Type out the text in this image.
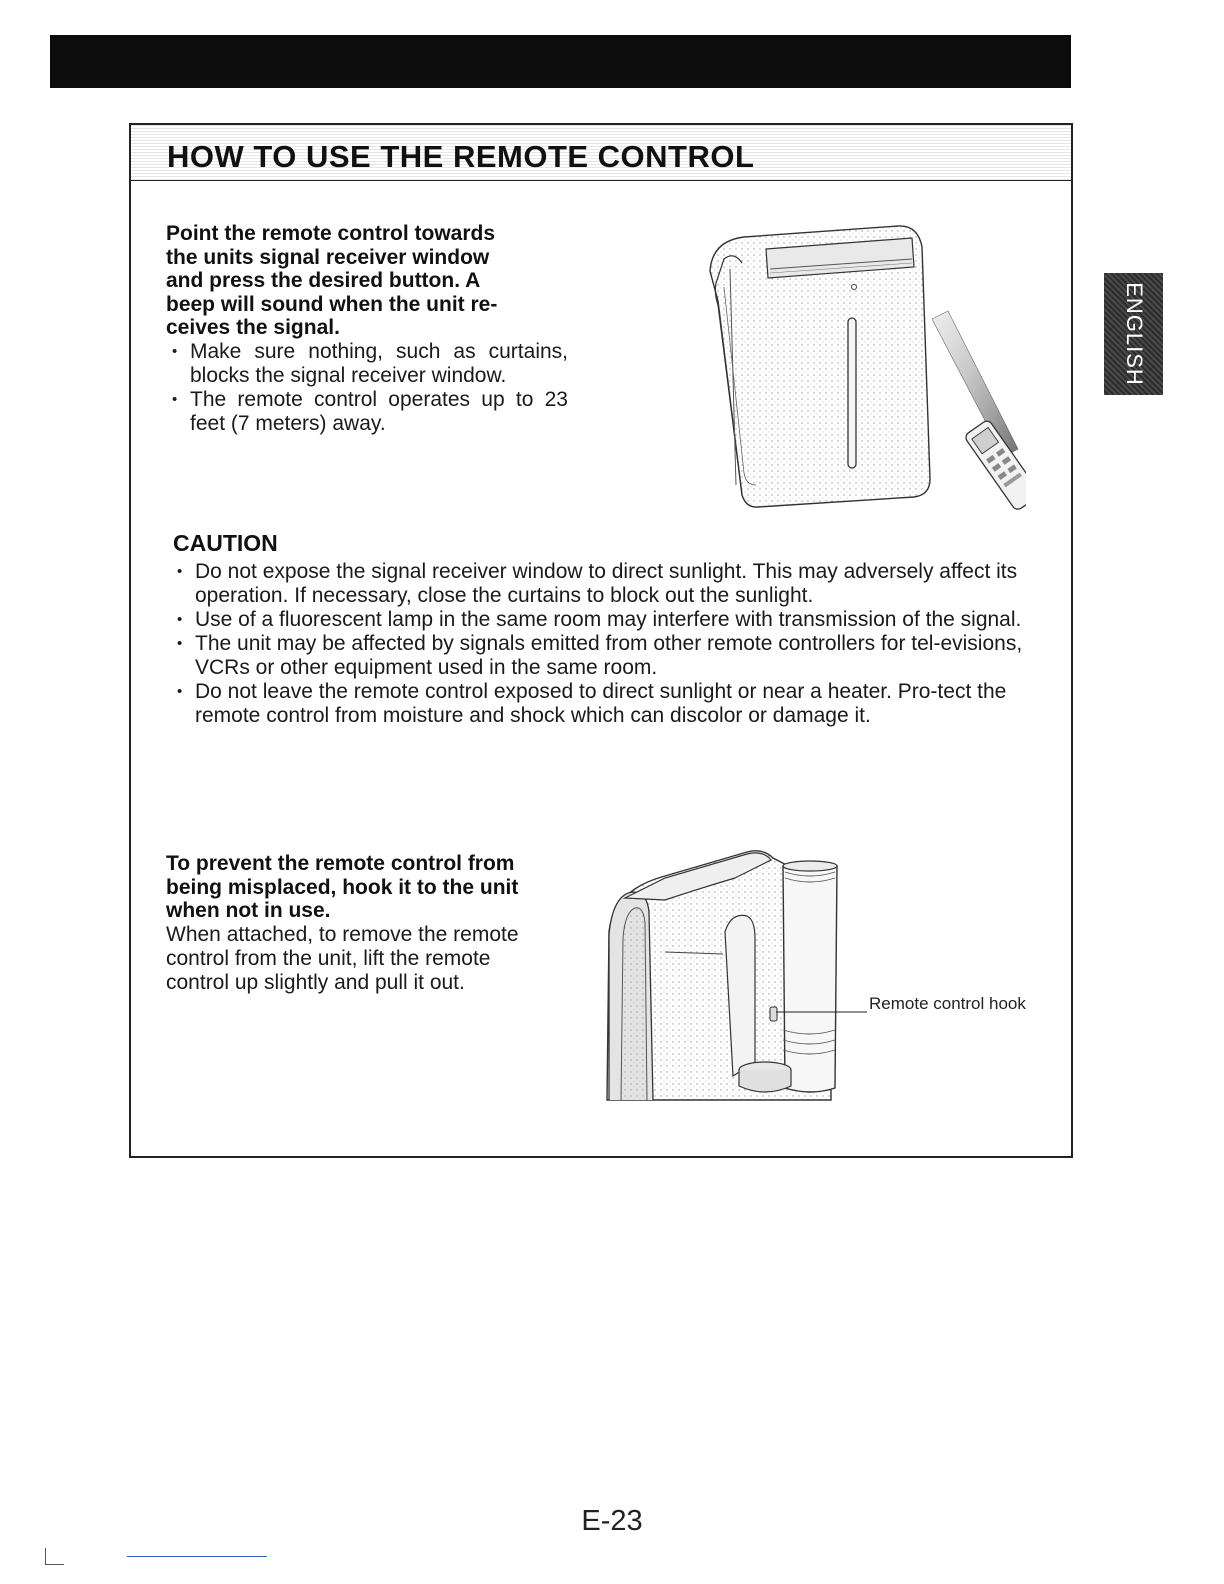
ENGLISH
HOW TO USE THE REMOTE CONTROL

Point the remote control towards
the units signal receiver window
and press the desired button. A
beep will sound when the unit re-
ceives the signal.

• Make sure nothing, such as curtains, blocks the signal receiver window.
• The remote control operates up to 23 feet (7 meters) away.
CAUTION
• Do not expose the signal receiver window to direct sunlight. This may adversely affect its operation. If necessary, close the curtains to block out the sunlight.
• Use of a fluorescent lamp in the same room may interfere with transmission of the signal.
• The unit may be affected by signals emitted from other remote controllers for tel-evisions, VCRs or other equipment used in the same room.
• Do not leave the remote control exposed to direct sunlight or near a heater. Pro-tect the remote control from moisture and shock which can discolor or damage it.

To prevent the remote control from
being misplaced, hook it to the unit
when not in use.

When attached, to remove the remote
control from the unit, lift the remote
control up slightly and pull it out.

Remote control hook
E-23
